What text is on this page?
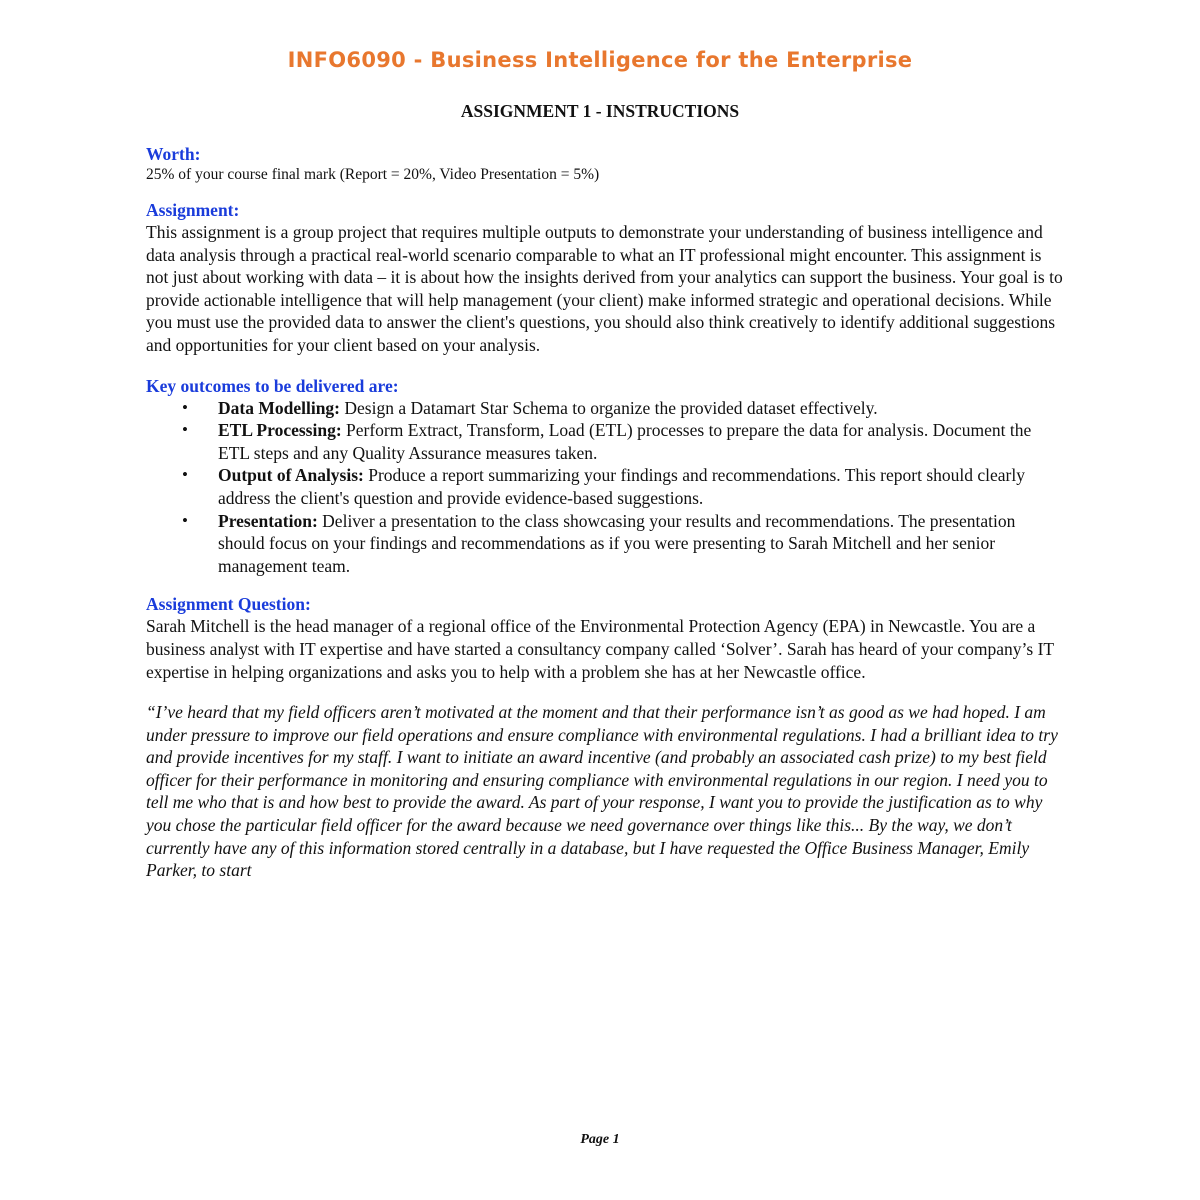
INFO6090 - Business Intelligence for the Enterprise
ASSIGNMENT 1 - INSTRUCTIONS

Worth:

25% of your course final mark (Report = 20%, Video Presentation = 5%)

Assignment:

This assignment is a group project that requires multiple outputs to demonstrate your understanding of business intelligence and data analysis through a practical real-world scenario comparable to what an IT professional might encounter. This assignment is not just about working with data – it is about how the insights derived from your analytics can support the business. Your goal is to provide actionable intelligence that will help management (your client) make informed strategic and operational decisions. While you must use the provided data to answer the client's questions, you should also think creatively to identify additional suggestions and opportunities for your client based on your analysis.

Key outcomes to be delivered are:

• Data Modelling: Design a Datamart Star Schema to organize the provided dataset effectively.
• ETL Processing: Perform Extract, Transform, Load (ETL) processes to prepare the data for analysis. Document the ETL steps and any Quality Assurance measures taken.
• Output of Analysis: Produce a report summarizing your findings and recommendations. This report should clearly address the client's question and provide evidence-based suggestions.
• Presentation: Deliver a presentation to the class showcasing your results and recommendations. The presentation should focus on your findings and recommendations as if you were presenting to Sarah Mitchell and her senior management team.

Assignment Question:

Sarah Mitchell is the head manager of a regional office of the Environmental Protection Agency (EPA) in Newcastle. You are a business analyst with IT expertise and have started a consultancy company called ‘Solver’. Sarah has heard of your company’s IT expertise in helping organizations and asks you to help with a problem she has at her Newcastle office.

“I’ve heard that my field officers aren’t motivated at the moment and that their performance isn’t as good as we had hoped. I am under pressure to improve our field operations and ensure compliance with environmental regulations. I had a brilliant idea to try and provide incentives for my staff. I want to initiate an award incentive (and probably an associated cash prize) to my best field officer for their performance in monitoring and ensuring compliance with environmental regulations in our region. I need you to tell me who that is and how best to provide the award. As part of your response, I want you to provide the justification as to why you chose the particular field officer for the award because we need governance over things like this... By the way, we don’t currently have any of this information stored centrally in a database, but I have requested the Office Business Manager, Emily Parker, to start

Page 1
